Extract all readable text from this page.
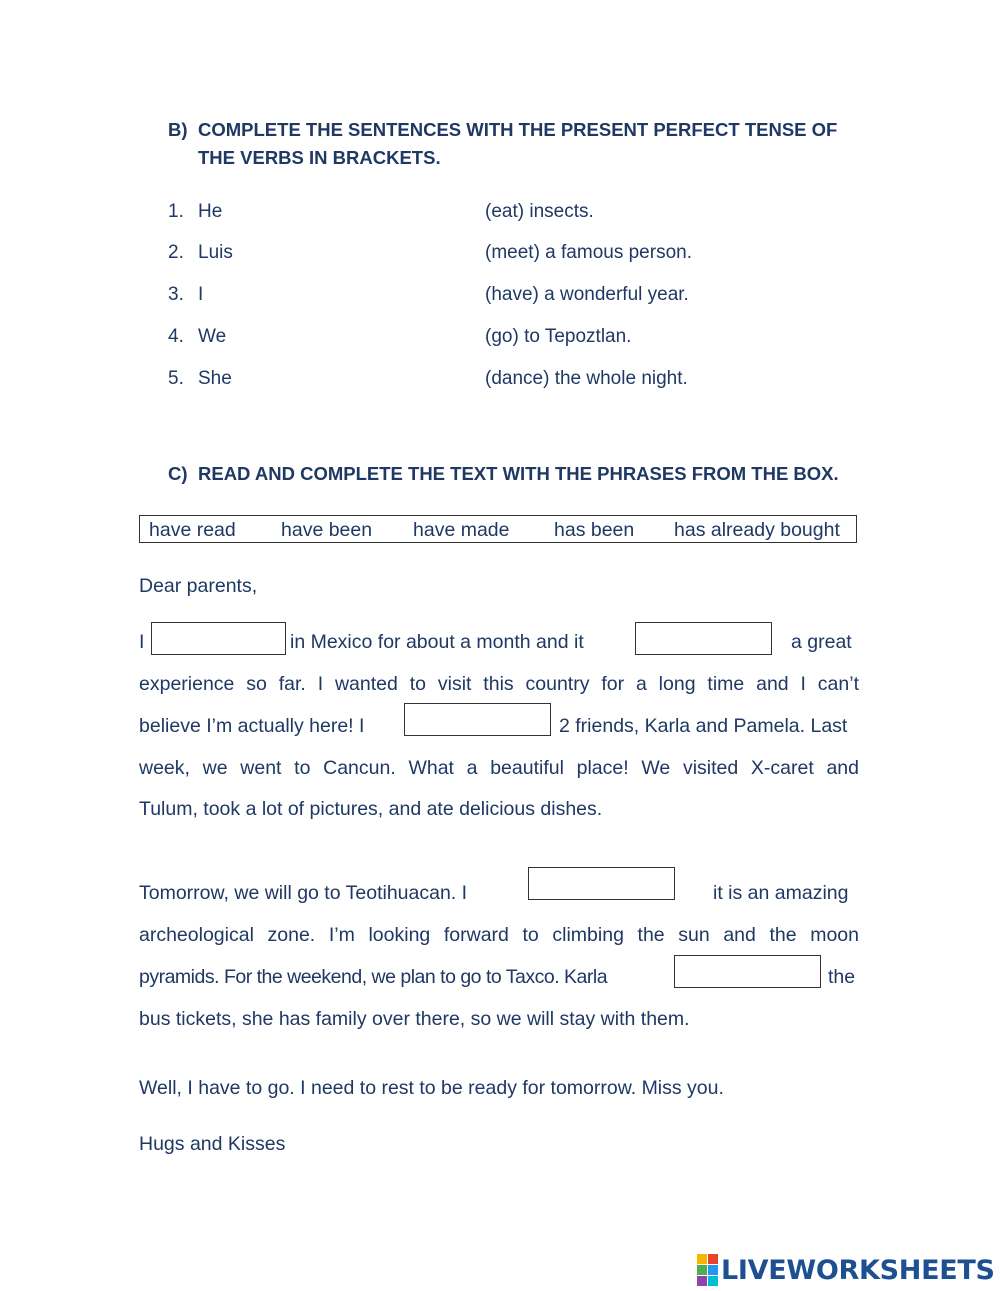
B) COMPLETE THE SENTENCES WITH THE PRESENT PERFECT TENSE OF THE VERBS IN BRACKETS.
1. He	(eat) insects.
2. Luis	(meet) a famous person.
3. I	(have) a wonderful year.
4. We	(go) to Tepoztlan.
5. She	(dance) the whole night.
C) READ AND COMPLETE THE TEXT WITH THE PHRASES FROM THE BOX.
have read have been have made has been has already bought
Dear parents,
I	in Mexico for about a month and it	a great
experience so far. I wanted to visit this country for a long time and I can’t
believe I’m actually here! I	2 friends, Karla and Pamela. Last
week, we went to Cancun. What a beautiful place! We visited X-caret and
Tulum, took a lot of pictures, and ate delicious dishes.
Tomorrow, we will go to Teotihuacan. I	it is an amazing
archeological zone. I’m looking forward to climbing the sun and the moon
pyramids. For the weekend, we plan to go to Taxco. Karla	the
bus tickets, she has family over there, so we will stay with them.
Well, I have to go. I need to rest to be ready for tomorrow. Miss you.
Hugs and Kisses
LIVEWORKSHEETS
